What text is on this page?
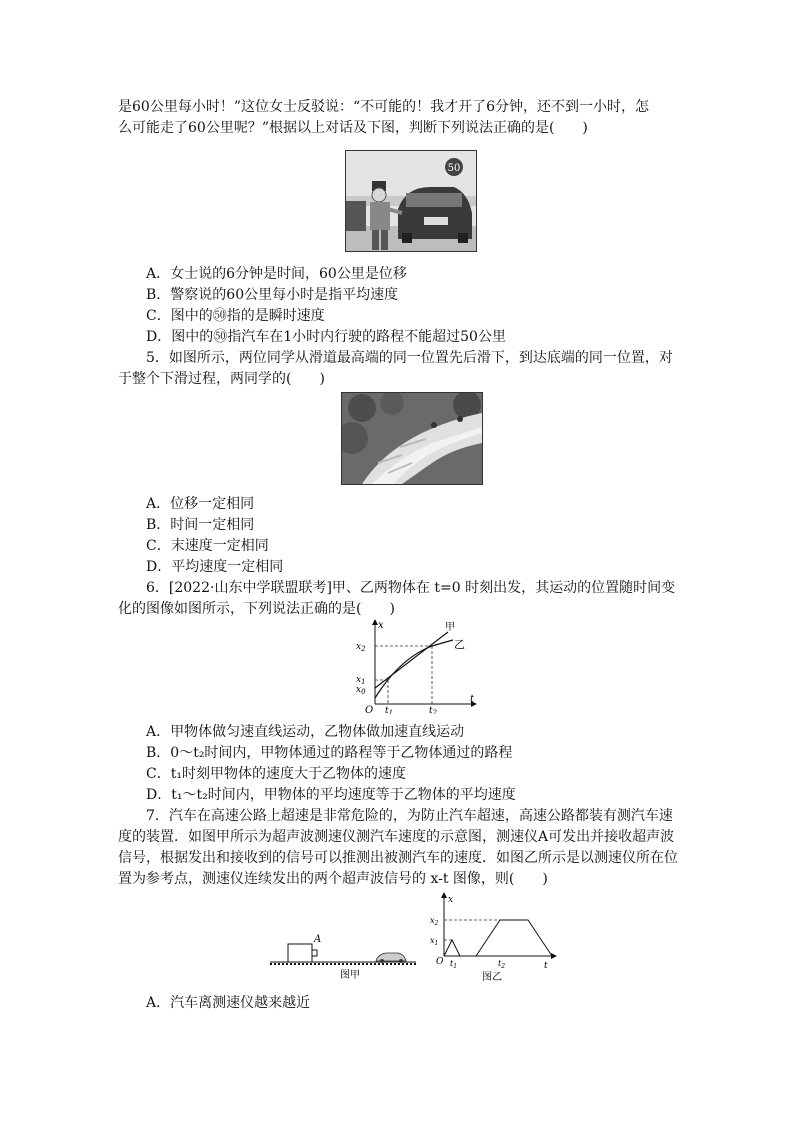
是60公里每小时！”这位女士反驳说：“不可能的！我才开了6分钟，还不到一小时，怎
么可能走了60公里呢？”根据以上对话及下图，判断下列说法正确的是(　　)
50
A．女士说的6分钟是时间，60公里是位移
B．警察说的60公里每小时是指平均速度
C．图中的㊿指的是瞬时速度
D．图中的㊿指汽车在1小时内行驶的路程不能超过50公里
5．如图所示，两位同学从滑道最高端的同一位置先后滑下，到达底端的同一位置，对
于整个下滑过程，两同学的(　　)
A．位移一定相同
B．时间一定相同
C．末速度一定相同
D．平均速度一定相同
6．[2022·山东中学联盟联考]甲、乙两物体在 t=0 时刻出发，其运动的位置随时间变
化的图像如图所示，下列说法正确的是(　　)
x
t
O
甲
乙
$x_2$
$x_1$
$x_0$
$t_1$	$t_2$
A．甲物体做匀速直线运动，乙物体做加速直线运动
B．0～t₂时间内，甲物体通过的路程等于乙物体通过的路程
C．t₁时刻甲物体的速度大于乙物体的速度
D．t₁～t₂时间内，甲物体的平均速度等于乙物体的平均速度
7．汽车在高速公路上超速是非常危险的，为防止汽车超速，高速公路都装有测汽车速
度的装置．如图甲所示为超声波测速仪测汽车速度的示意图，测速仪A可发出并接收超声波
信号，根据发出和接收到的信号可以推测出被测汽车的速度．如图乙所示是以测速仪所在位
置为参考点，测速仪连续发出的两个超声波信号的 x-t 图像，则(　　)
A
图甲
x
t
O
$x_2$
$x_1$
$t_1$	$t_2$
图乙
A．汽车离测速仪越来越近
